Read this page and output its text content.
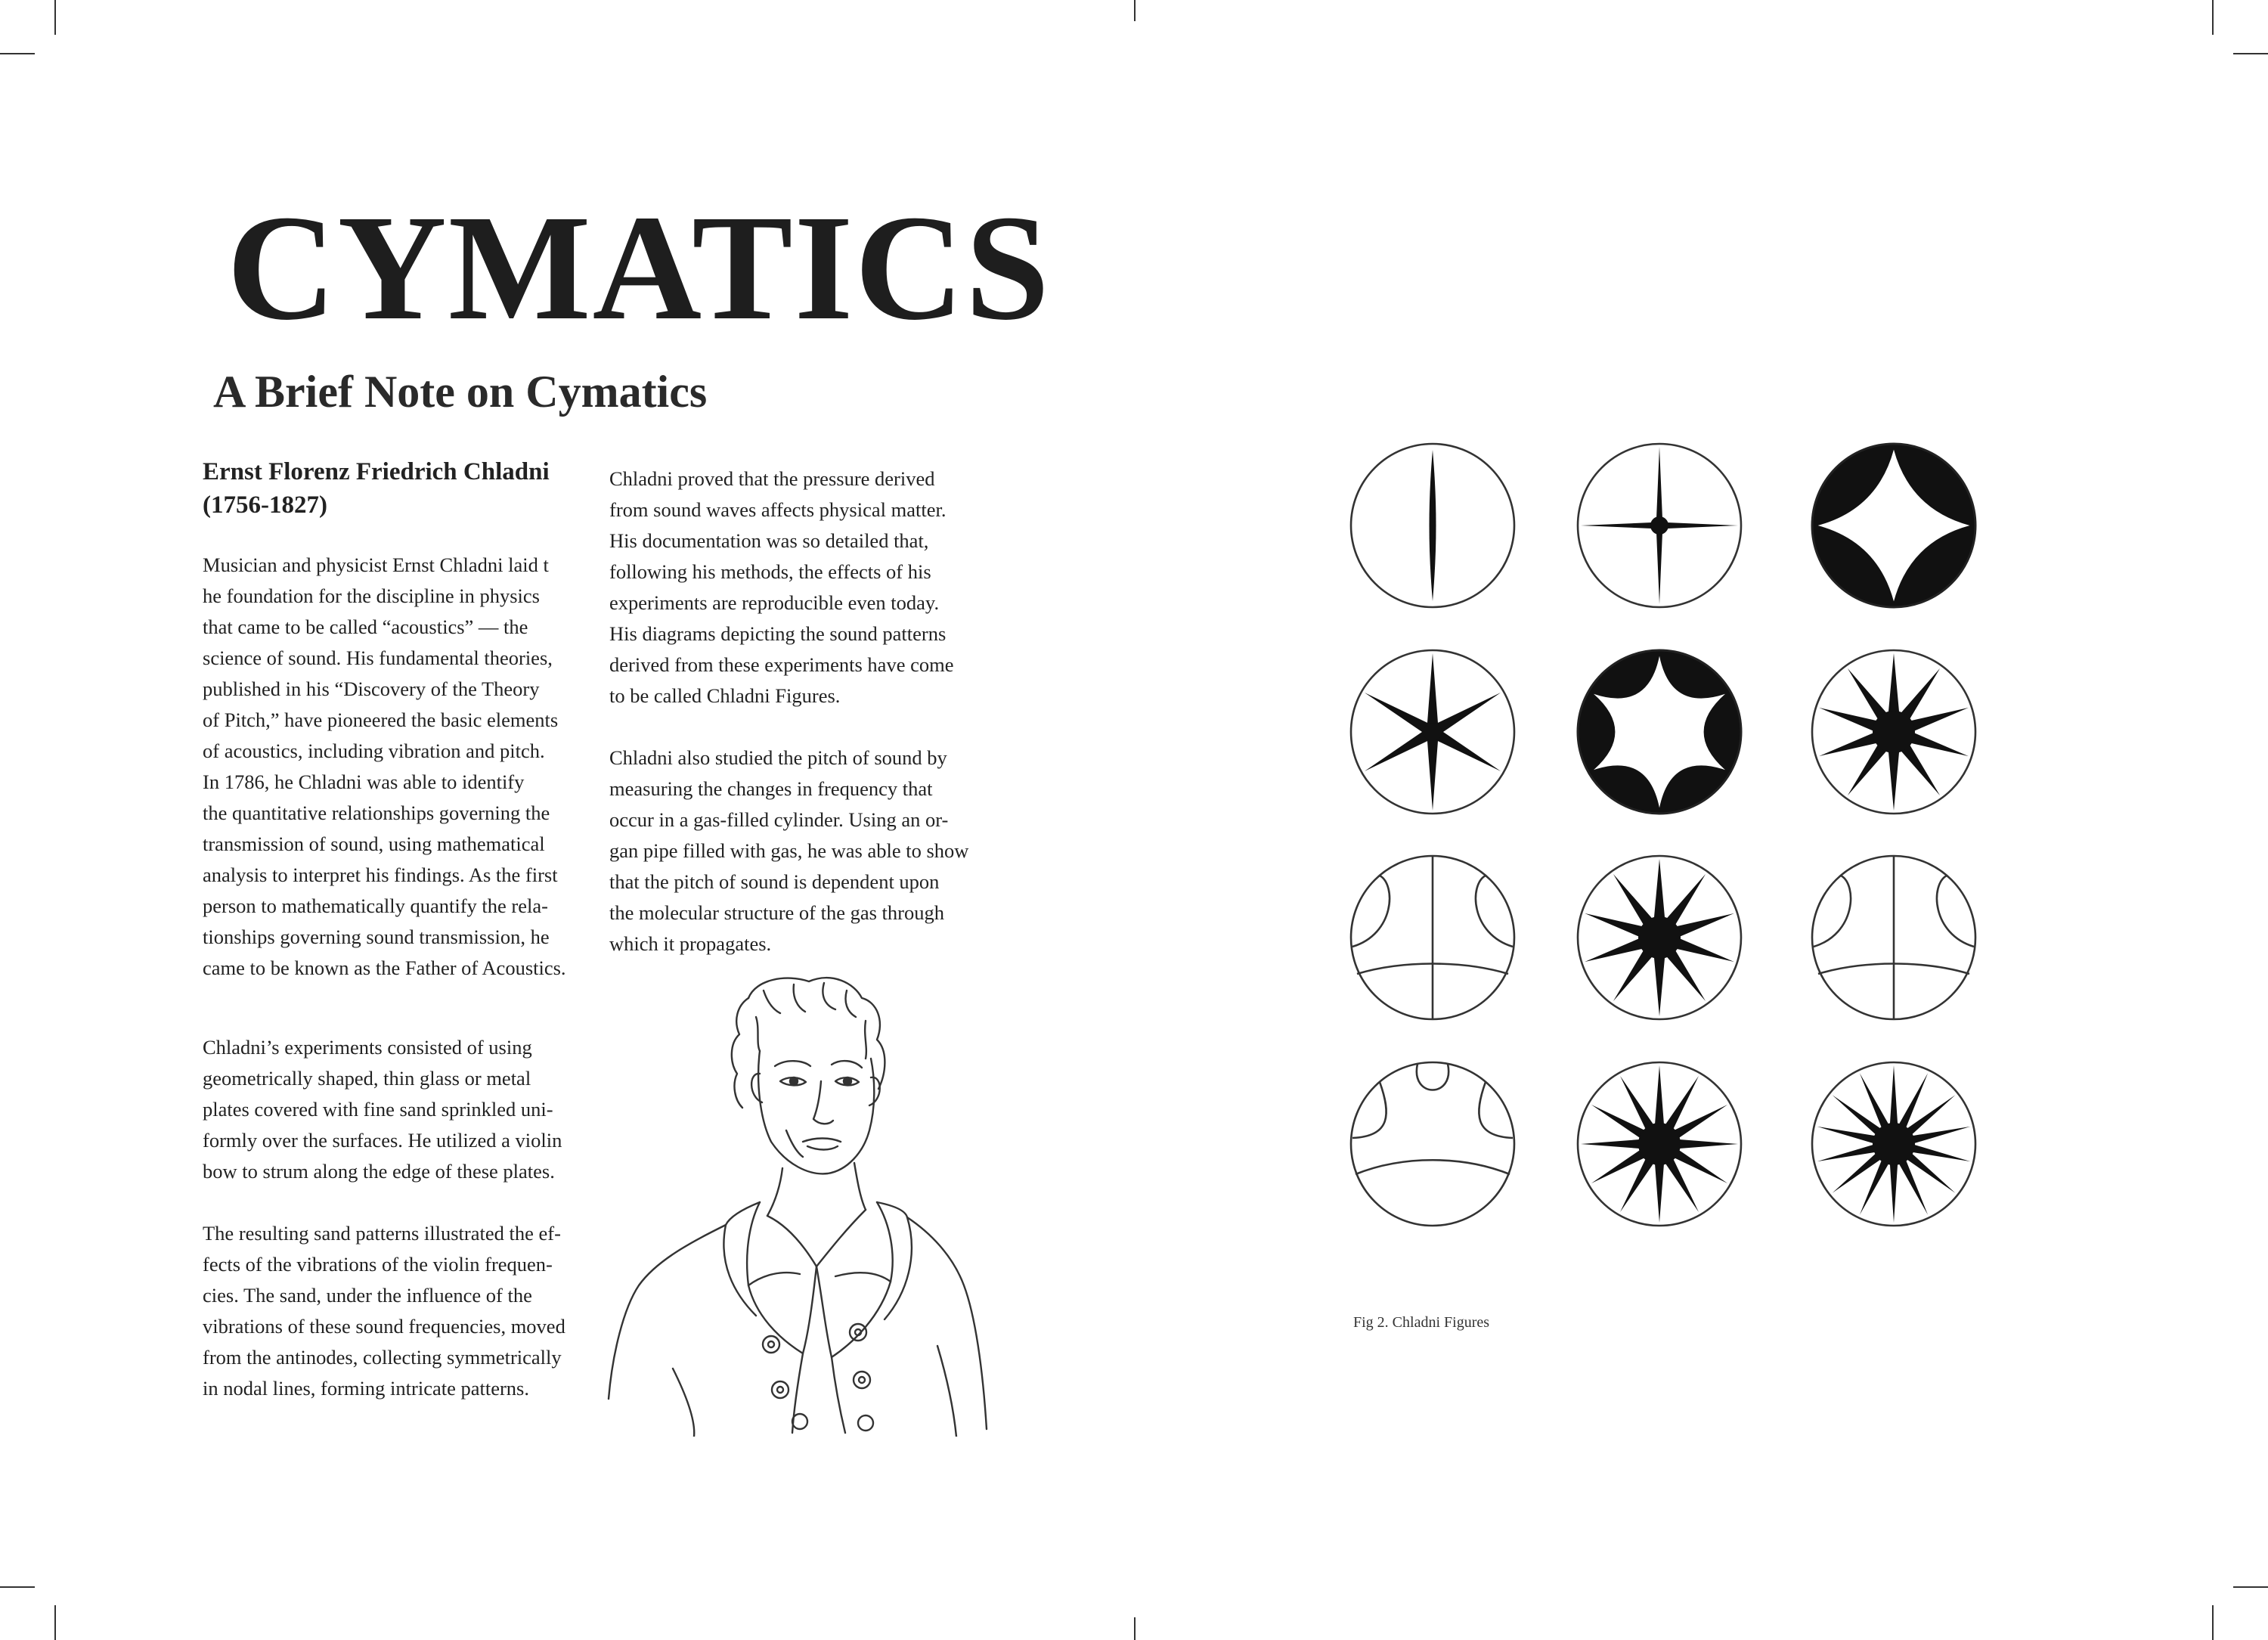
CYMATICS
A Brief Note on Cymatics
Ernst Florenz Friedrich Chladni
(1756-1827)

Musician and physicist Ernst Chladni laid t
he foundation for the discipline in physics
that came to be called “acoustics” — the
science of sound. His fundamental theories,
published in his “Discovery of the Theory
of Pitch,” have pioneered the basic elements
of acoustics, including vibration and pitch.
In 1786, he Chladni was able to identify
the quantitative relationships governing the
transmission of sound, using mathematical
analysis to interpret his findings. As the first
person to mathematically quantify the rela-
tionships governing sound transmission, he
came to be known as the Father of Acoustics.

Chladni’s experiments consisted of using
geometrically shaped, thin glass or metal
plates covered with fine sand sprinkled uni-
formly over the surfaces. He utilized a violin
bow to strum along the edge of these plates.

The resulting sand patterns illustrated the ef-
fects of the vibrations of the violin frequen-
cies. The sand, under the influence of the
vibrations of these sound frequencies, moved
from the antinodes, collecting symmetrically
in nodal lines, forming intricate patterns.

Chladni proved that the pressure derived
from sound waves affects physical matter.
His documentation was so detailed that,
following his methods, the effects of his
experiments are reproducible even today.
His diagrams depicting the sound patterns
derived from these experiments have come
to be called Chladni Figures.

Chladni also studied the pitch of sound by
measuring the changes in frequency that
occur in a gas-filled cylinder. Using an or-
gan pipe filled with gas, he was able to show
that the pitch of sound is dependent upon
the molecular structure of the gas through
which it propagates.

Fig 2. Chladni Figures
